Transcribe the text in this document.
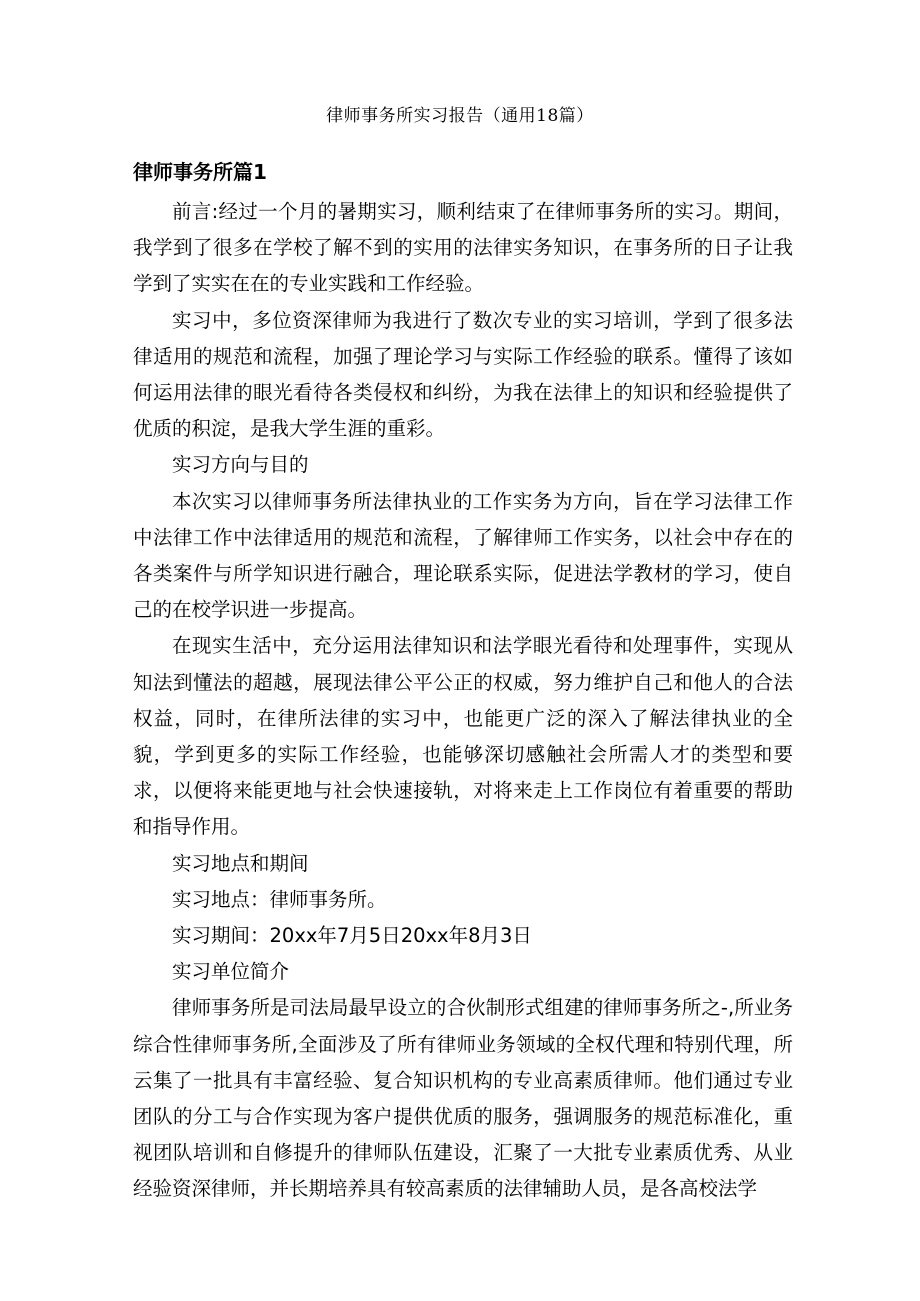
律师事务所实习报告（通用18篇）
律师事务所篇1

前言:经过一个月的暑期实习，顺利结束了在律师事务所的实习。期间，我学到了很多在学校了解不到的实用的法律实务知识，在事务所的日子让我学到了实实在在的专业实践和工作经验。

实习中，多位资深律师为我进行了数次专业的实习培训，学到了很多法律适用的规范和流程，加强了理论学习与实际工作经验的联系。懂得了该如何运用法律的眼光看待各类侵权和纠纷，为我在法律上的知识和经验提供了优质的积淀，是我大学生涯的重彩。

实习方向与目的

本次实习以律师事务所法律执业的工作实务为方向，旨在学习法律工作中法律工作中法律适用的规范和流程，了解律师工作实务，以社会中存在的各类案件与所学知识进行融合，理论联系实际，促进法学教材的学习，使自己的在校学识进一步提高。

在现实生活中，充分运用法律知识和法学眼光看待和处理事件，实现从知法到懂法的超越，展现法律公平公正的权威，努力维护自己和他人的合法权益，同时，在律所法律的实习中，也能更广泛的深入了解法律执业的全貌，学到更多的实际工作经验，也能够深切感触社会所需人才的类型和要求，以便将来能更地与社会快速接轨，对将来走上工作岗位有着重要的帮助和指导作用。

实习地点和期间

实习地点：律师事务所。

实习期间：20xx年7月5日20xx年8月3日

实习单位简介

律师事务所是司法局最早设立的合伙制形式组建的律师事务所之-,所业务综合性律师事务所,全面涉及了所有律师业务领域的全权代理和特别代理，所云集了一批具有丰富经验、复合知识机构的专业高素质律师。他们通过专业团队的分工与合作实现为客户提供优质的服务，强调服务的规范标准化，重视团队培训和自修提升的律师队伍建设，汇聚了一大批专业素质优秀、从业经验资深律师，并长期培养具有较高素质的法律辅助人员，是各高校法学
